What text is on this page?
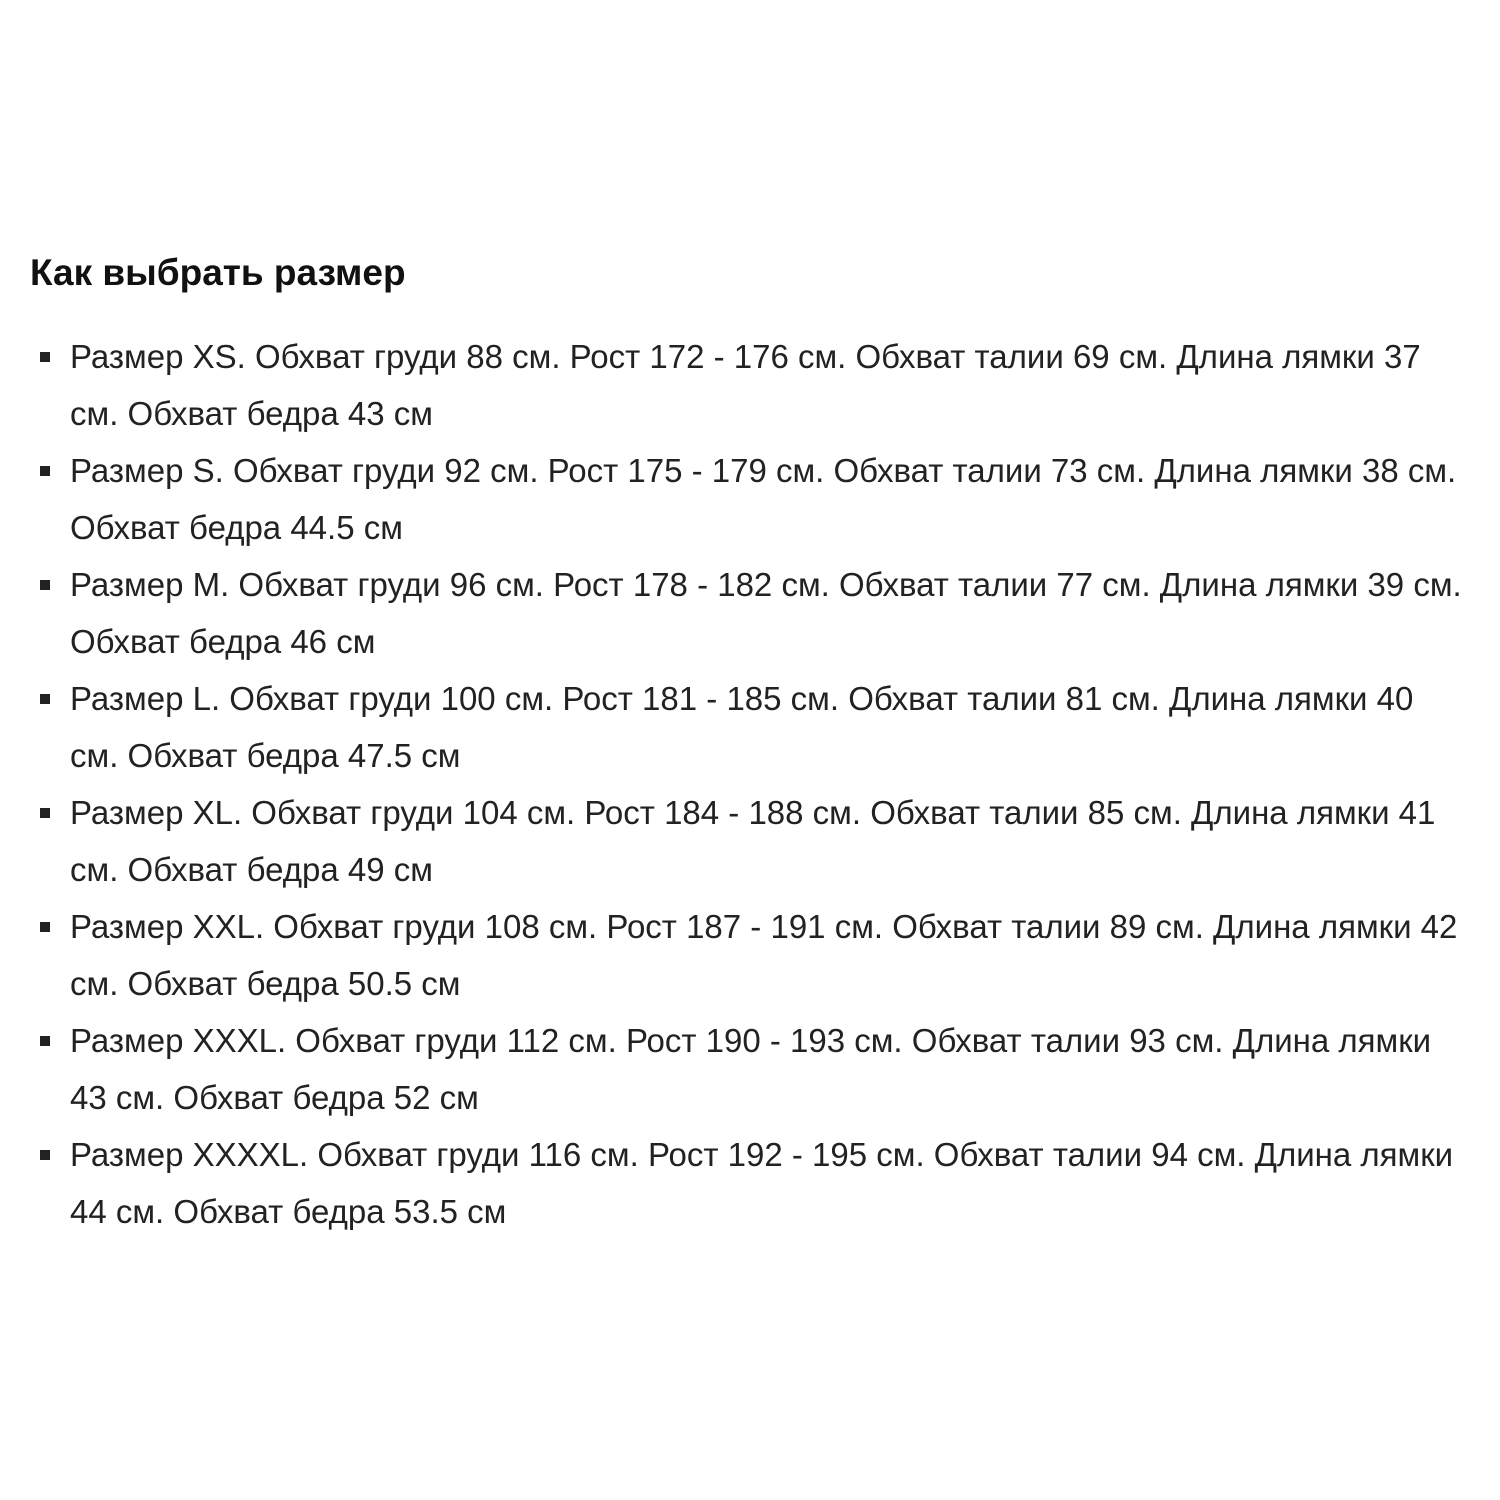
Как выбрать размер
Размер XS. Обхват груди 88 см. Рост 172 - 176 см. Обхват талии 69 см. Длина лямки 37 см. Обхват бедра 43 см
Размер S. Обхват груди 92 см. Рост 175 - 179 см. Обхват талии 73 см. Длина лямки 38 см. Обхват бедра 44.5 см
Размер M. Обхват груди 96 см. Рост 178 - 182 см. Обхват талии 77 см. Длина лямки 39 см. Обхват бедра 46 см
Размер L. Обхват груди 100 см. Рост 181 - 185 см. Обхват талии 81 см. Длина лямки 40 см. Обхват бедра 47.5 см
Размер XL. Обхват груди 104 см. Рост 184 - 188 см. Обхват талии 85 см. Длина лямки 41 см. Обхват бедра 49 см
Размер XXL. Обхват груди 108 см. Рост 187 - 191 см. Обхват талии 89 см. Длина лямки 42 см. Обхват бедра 50.5 см
Размер XXXL. Обхват груди 112 см. Рост 190 - 193 см. Обхват талии 93 см. Длина лямки 43 см. Обхват бедра 52 см
Размер XXXXL. Обхват груди 116 см. Рост 192 - 195 см. Обхват талии 94 см. Длина лямки 44 см. Обхват бедра 53.5 см
